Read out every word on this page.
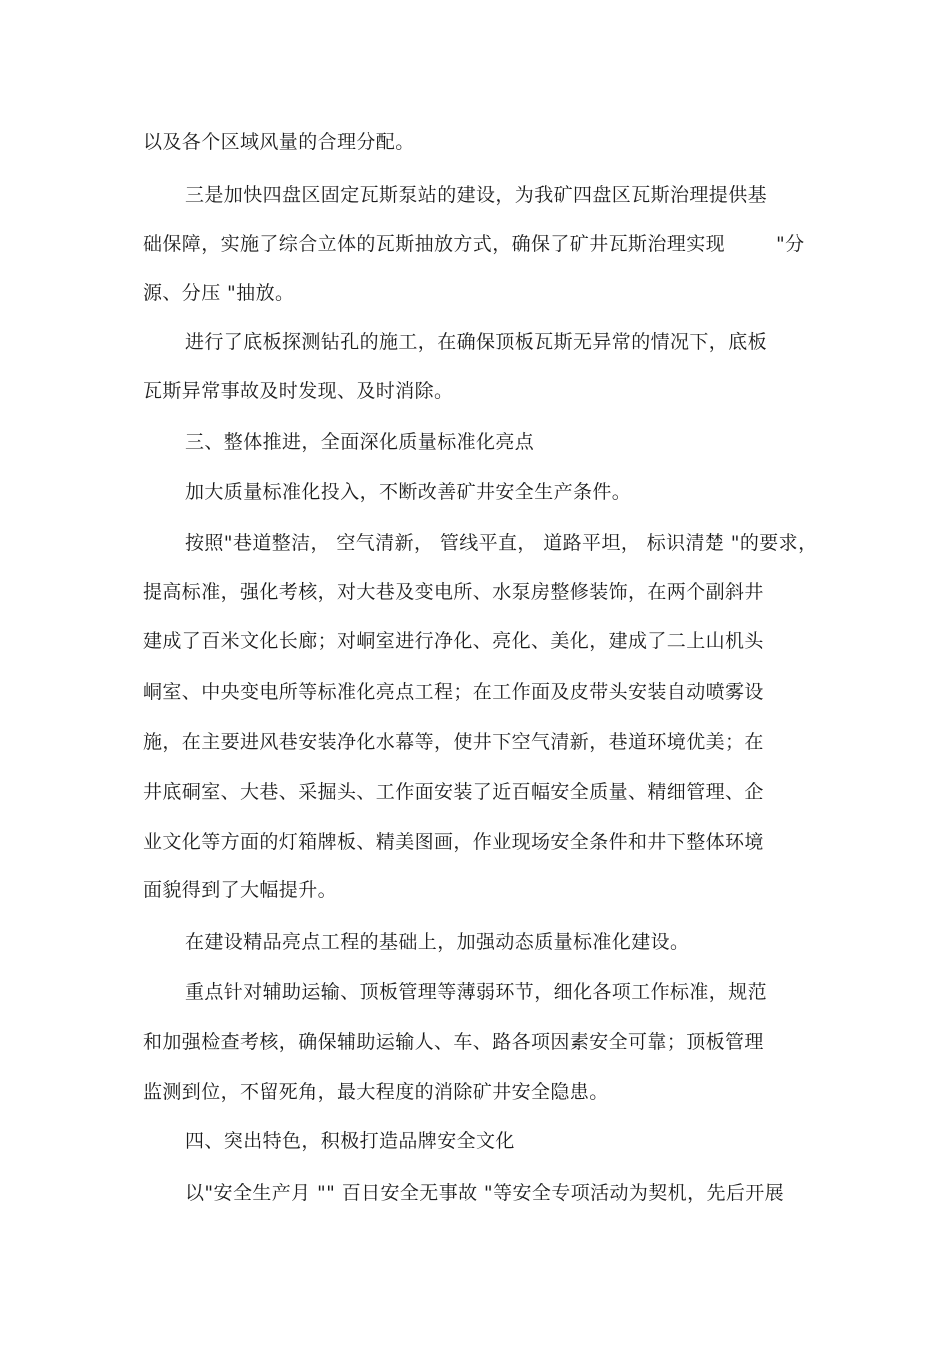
以及各个区域风量的合理分配。
三是加快四盘区固定瓦斯泵站的建设，为我矿四盘区瓦斯治理提供基
础保障，实施了综合立体的瓦斯抽放方式，确保了矿井瓦斯治理实现	"分
源、分压 "抽放。
进行了底板探测钻孔的施工，在确保顶板瓦斯无异常的情况下，底板
瓦斯异常事故及时发现、及时消除。
三、整体推进，全面深化质量标准化亮点
加大质量标准化投入，不断改善矿井安全生产条件。
按照"巷道整洁， 空气清新， 管线平直， 道路平坦， 标识清楚 "的要求，
提高标准，强化考核，对大巷及变电所、水泵房整修装饰，在两个副斜井
建成了百米文化长廊；对峒室进行净化、亮化、美化，建成了二上山机头
峒室、中央变电所等标准化亮点工程；在工作面及皮带头安装自动喷雾设
施，在主要进风巷安装净化水幕等，使井下空气清新，巷道环境优美；在
井底硐室、大巷、采掘头、工作面安装了近百幅安全质量、精细管理、企
业文化等方面的灯箱牌板、精美图画，作业现场安全条件和井下整体环境
面貌得到了大幅提升。
在建设精品亮点工程的基础上，加强动态质量标准化建设。
重点针对辅助运输、顶板管理等薄弱环节，细化各项工作标准，规范
和加强检查考核，确保辅助运输人、车、路各项因素安全可靠；顶板管理
监测到位，不留死角，最大程度的消除矿井安全隐患。
四、突出特色，积极打造品牌安全文化
以"安全生产月 "" 百日安全无事故 "等安全专项活动为契机，先后开展
